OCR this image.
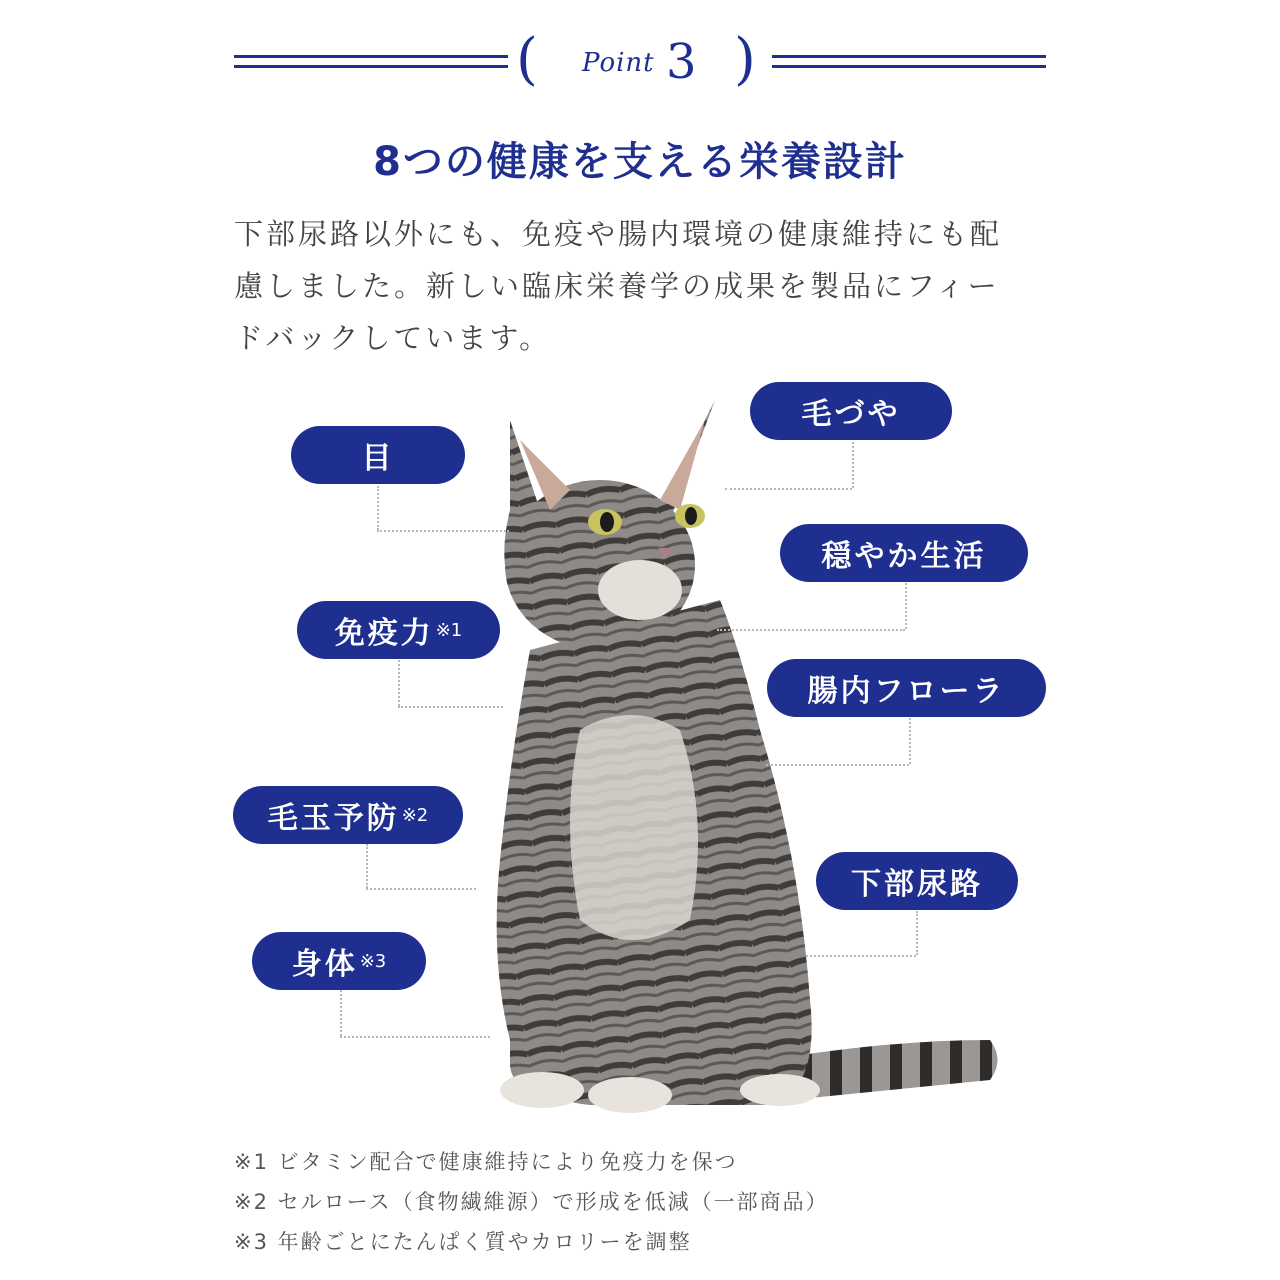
(	)
Point 3
8つの健康を支える栄養設計
下部尿路以外にも、免疫や腸内環境の健康維持にも配
慮しました。新しい臨床栄養学の成果を製品にフィー
ドバックしています。
目
免疫力 ※1
毛玉予防 ※2
身体 ※3
毛づや
穏やか生活
腸内フローラ
下部尿路
※1 ビタミン配合で健康維持により免疫力を保つ
※2 セルロース（食物繊維源）で形成を低減（一部商品）
※3 年齢ごとにたんぱく質やカロリーを調整
